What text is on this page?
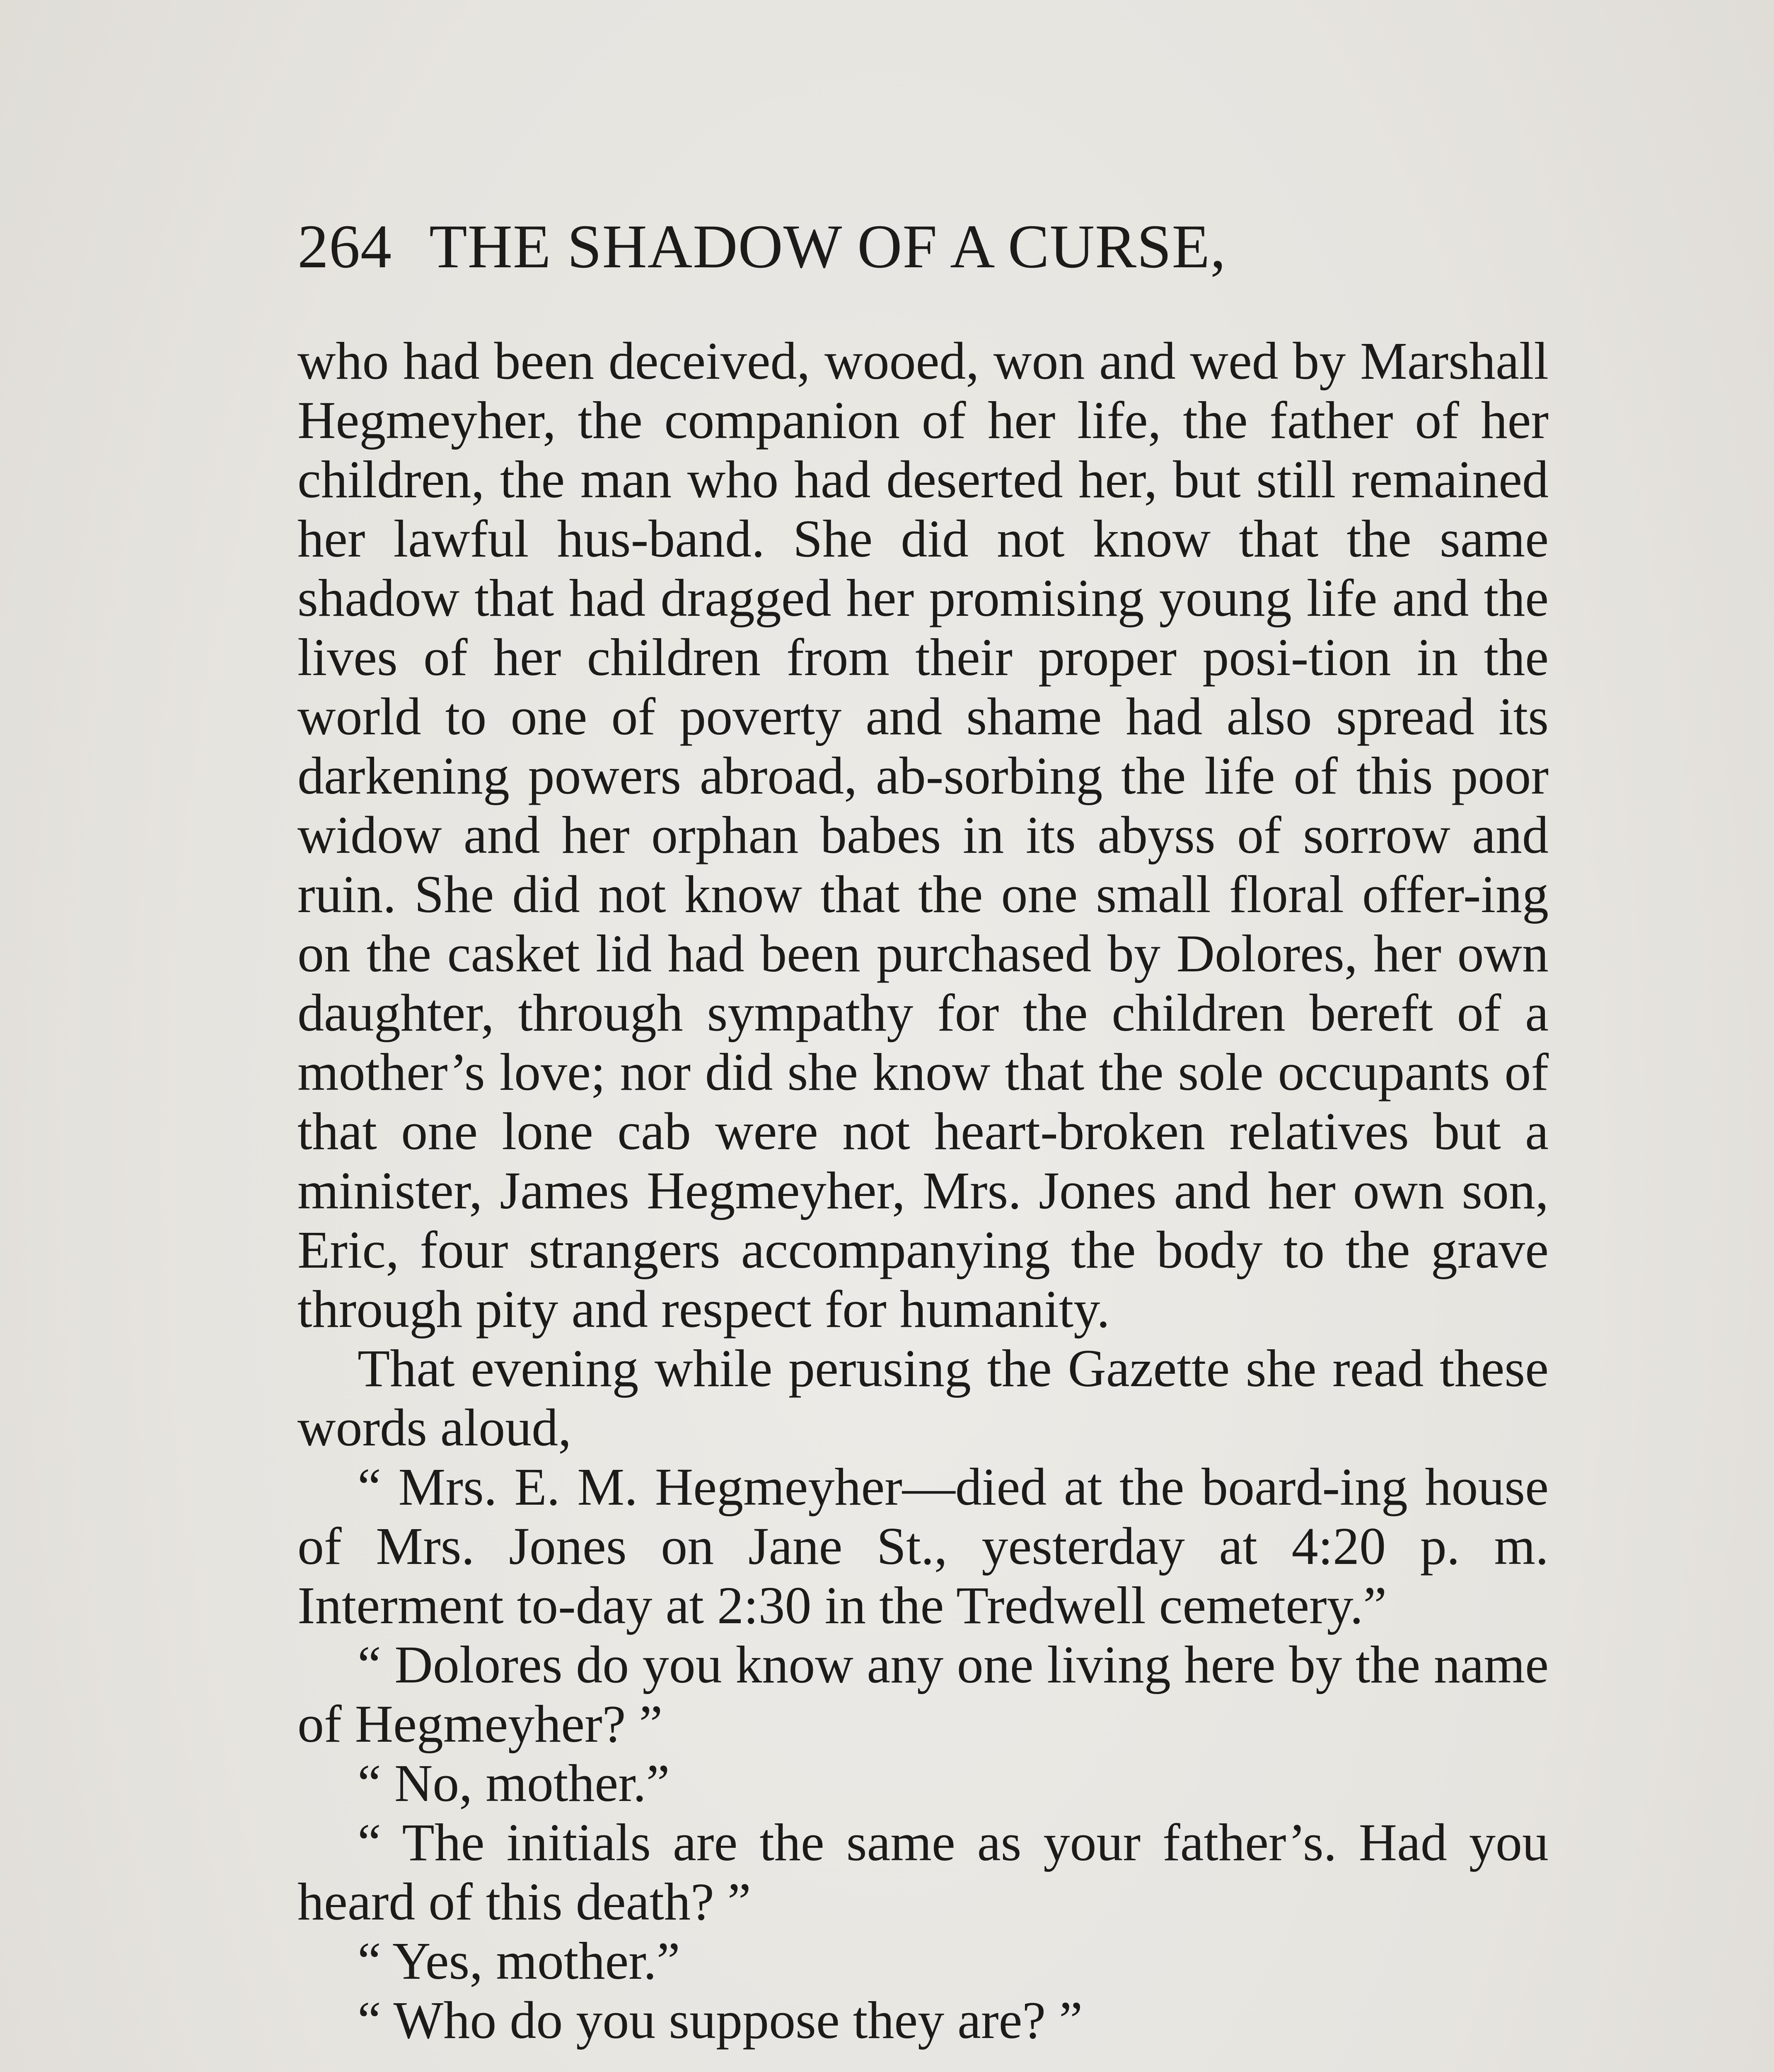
264 THE SHADOW OF A CURSE,

who had been deceived, wooed, won and wed by Marshall Hegmeyher, the companion of her life, the father of her children, the man who had deserted her, but still remained her lawful hus-band. She did not know that the same shadow that had dragged her promising young life and the lives of her children from their proper posi-tion in the world to one of poverty and shame had also spread its darkening powers abroad, ab-sorbing the life of this poor widow and her orphan babes in its abyss of sorrow and ruin. She did not know that the one small floral offer-ing on the casket lid had been purchased by Dolores, her own daughter, through sympathy for the children bereft of a mother’s love; nor did she know that the sole occupants of that one lone cab were not heart-broken relatives but a minister, James Hegmeyher, Mrs. Jones and her own son, Eric, four strangers accompanying the body to the grave through pity and respect for humanity.

That evening while perusing the Gazette she read these words aloud,

“ Mrs. E. M. Hegmeyher—died at the board-ing house of Mrs. Jones on Jane St., yesterday at 4:20 p. m. Interment to-day at 2:30 in the Tredwell cemetery.”

“ Dolores do you know any one living here by the name of Hegmeyher? ”

“ No, mother.”

“ The initials are the same as your father’s. Had you heard of this death? ”

“ Yes, mother.”

“ Who do you suppose they are? ”
